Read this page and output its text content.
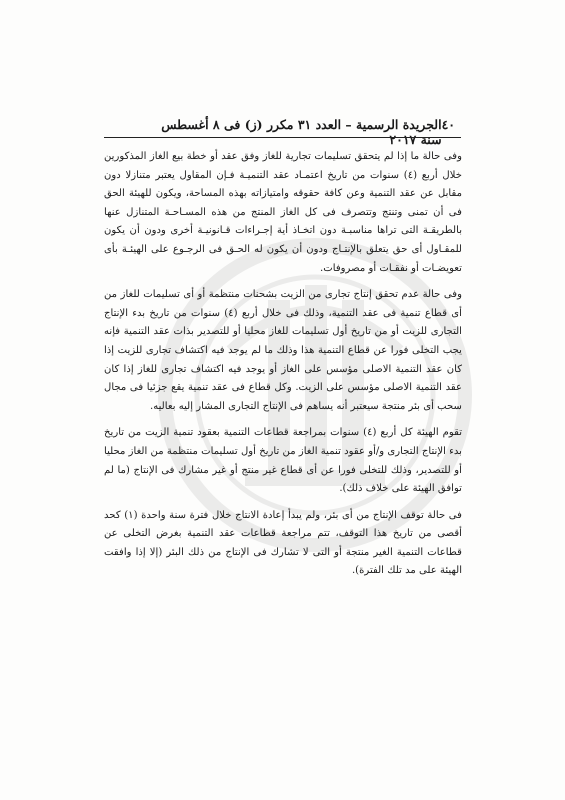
٤٠
الجريدة الرسمية – العدد ٣١ مكرر (ز) فى ٨ أغسطس سنة ٢٠١٧

وفى حالة ما إذا لم يتحقق تسليمات تجارية للغاز وفق عقد أو خطة بيع الغاز المذكورين خلال أربع (٤) سنوات من تاريخ اعتمـاد عقد التنميـة فـإن المقاول يعتبر متنازلا دون مقابل عن عقد التنمية وعن كافة حقوقه وامتيازاته بهذه المساحة، ويكون للهيئة الحق فى أن تمنى وتنتج وتتصرف فى كل الغاز المنتج من هذه المسـاحـة المتنازل عنها بالطريقـة التى تراها مناسبـة دون اتخـاذ أية إجـراءات قـانونيـة أخرى ودون أن يكون للمقـاول أى حق يتعلق بالإنتـاج ودون أن يكون له الحـق فى الرجـوع على الهيئـة بأى تعويضـات أو نفقـات أو مصروفات.

وفى حالة عدم تحقق إنتاج تجارى من الزيت بشحنات منتظمة أو أى تسليمات للغاز من أى قطاع تنمية فى عقد التنمية، وذلك فى خلال أربع (٤) سنوات من تاريخ بدء الإنتاج التجارى للزيت أو من تاريخ أول تسليمات للغاز محليا أو للتصدير بذات عقد التنمية فإنه يجب التخلى فورا عن قطاع التنمية هذا وذلك ما لم يوجد فيه اكتشاف تجارى للزيت إذا كان عقد التنمية الاصلى مؤسس على الغاز أو يوجد فيه اكتشاف تجارى للغاز إذا كان عقد التنمية الاصلى مؤسس على الزيت. وكل قطاع فى عقد تنمية يقع جزئيا فى مجال سحب أى بئر منتجة سيعتبر أنه يساهم فى الإنتاج التجارى المشار إليه بعاليه.

تقوم الهيئة كل أربع (٤) سنوات بمراجعة قطاعات التنمية بعقود تنمية الزيت من تاريخ بدء الإنتاج التجارى و/أو عقود تنمية الغاز من تاريخ أول تسليمات منتظمة من الغاز محليا أو للتصدير، وذلك للتخلى فورا عن أى قطاع غير منتج أو غير مشارك فى الإنتاج (ما لم توافق الهيئة على خلاف ذلك).

فى حالة توقف الإنتاج من أى بئر، ولم يبدأ إعادة الانتاج خلال فترة سنة واحدة (١) كحد أقصى من تاريخ هذا التوقف، تتم مراجعة قطاعات عقد التنمية بغرض التخلى عن قطاعات التنمية الغير منتجة أو التى لا تشارك فى الإنتاج من ذلك البئر (إلا إذا وافقت الهيئة على مد تلك الفترة).
